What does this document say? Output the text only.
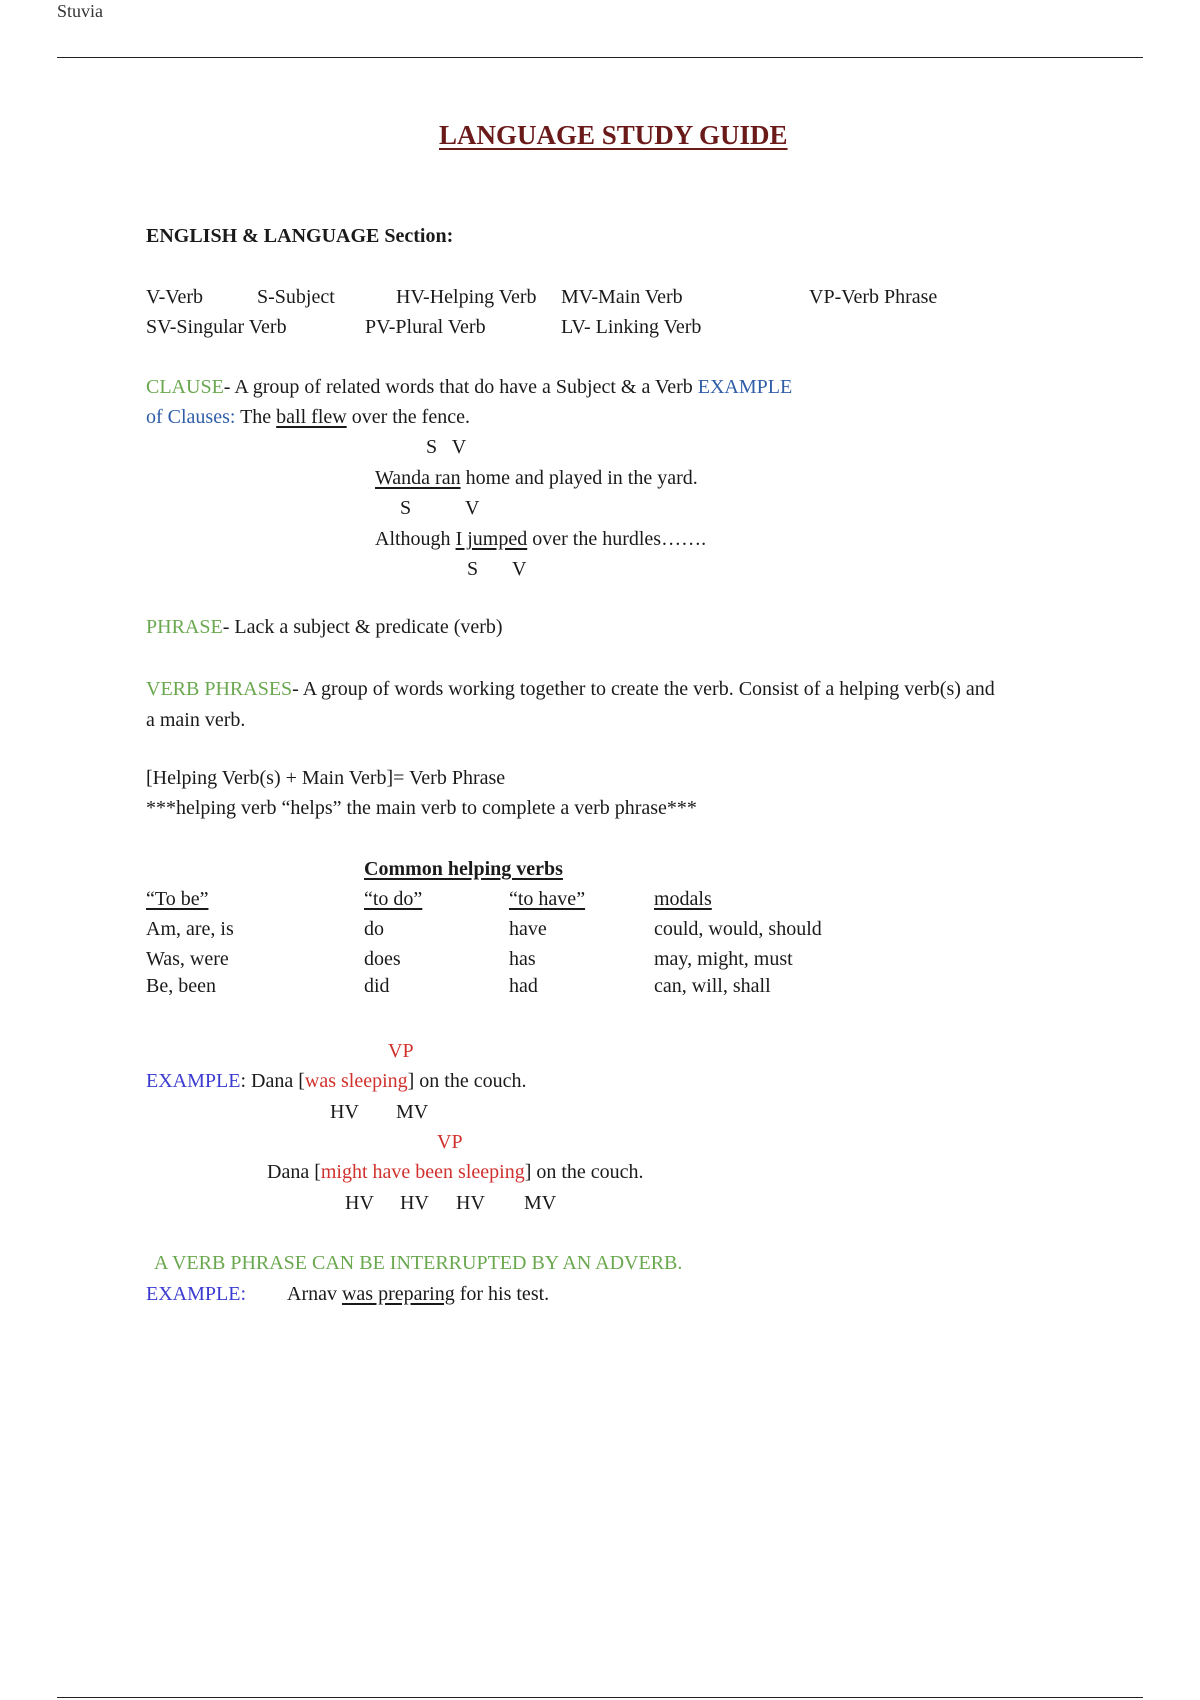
Stuvia
LANGUAGE STUDY GUIDE
ENGLISH & LANGUAGE Section:
V-Verb	S-Subject	HV-Helping Verb MV-Main Verb	VP-Verb Phrase
SV-Singular Verb	PV-Plural Verb	LV- Linking Verb
CLAUSE- A group of related words that do have a Subject & a Verb EXAMPLE
of Clauses: The ball flew over the fence.
S   V
Wanda ran home and played in the yard.
S	V
Although I jumped over the hurdles…….
S V
PHRASE- Lack a subject & predicate (verb)
VERB PHRASES- A group of words working together to create the verb. Consist of a helping verb(s) and
a main verb.
[Helping Verb(s) + Main Verb]= Verb Phrase
***helping verb “helps” the main verb to complete a verb phrase***
Common helping verbs
“To be”	“to do”	“to have”	modals
Am, are, is	do	have	could, would, should
Was, were	does	has	may, might, must
Be, been	did	had	can, will, shall
VP
EXAMPLE: Dana [was sleeping] on the couch.
HV MV
VP
Dana [might have been sleeping] on the couch.
HV HV HV MV
A VERB PHRASE CAN BE INTERRUPTED BY AN ADVERB.
EXAMPLE: Arnav was preparing for his test.
